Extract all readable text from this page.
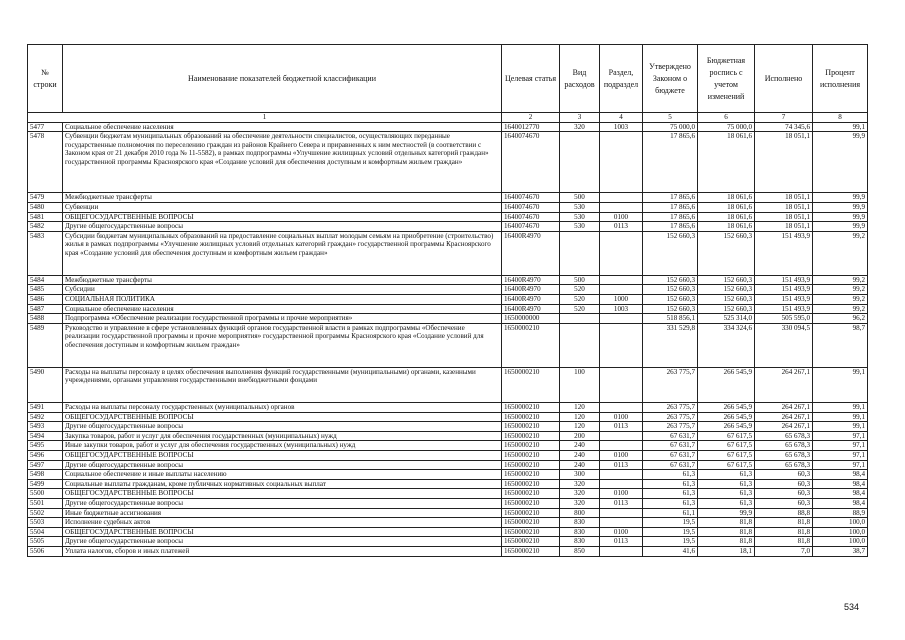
№ строки	Наименование показателей бюджетной классификации	Целевая статья	Вид расходов	Раздел, подраздел	Утверждено Законом о бюджете	Бюджетная роспись с учетом изменений	Исполнено	Процент исполнения
1		2	3	4	5	6	7	8
5477	Социальное обеспечение населения	1640012770	320	1003	75 000,0	75 000,0	74 345,6	99,1
5478	Субвенции бюджетам муниципальных образований на обеспечение деятельности специалистов, осуществляющих переданные государственные полномочия по переселению граждан из районов Крайнего Севера и приравненных к ним местностей (в соответствии с Законом края от 21 декабря 2010 года № 11-5582), в рамках подпрограммы «Улучшение жилищных условий отдельных категорий граждан» государственной программы Красноярского края «Создание условий для обеспечения доступным и комфортным жильем граждан»	1640074670			17 865,6	18 061,6	18 051,1	99,9
5479	Межбюджетные трансферты	1640074670	500		17 865,6	18 061,6	18 051,1	99,9
5480	Субвенции	1640074670	530		17 865,6	18 061,6	18 051,1	99,9
5481	ОБЩЕГОСУДАРСТВЕННЫЕ ВОПРОСЫ	1640074670	530	0100	17 865,6	18 061,6	18 051,1	99,9
5482	Другие общегосударственные вопросы	1640074670	530	0113	17 865,6	18 061,6	18 051,1	99,9
5483	Субсидии бюджетам муниципальных образований на предоставление социальных выплат молодым семьям на приобретение (строительство) жилья в рамках подпрограммы «Улучшение жилищных условий отдельных категорий граждан» государственной программы Красноярского края «Создание условий для обеспечения доступным и комфортным жильем граждан»	16400R4970			152 660,3	152 660,3	151 493,9	99,2
5484	Межбюджетные трансферты	16400R4970	500		152 660,3	152 660,3	151 493,9	99,2
5485	Субсидии	16400R4970	520		152 660,3	152 660,3	151 493,9	99,2
5486	СОЦИАЛЬНАЯ ПОЛИТИКА	16400R4970	520	1000	152 660,3	152 660,3	151 493,9	99,2
5487	Социальное обеспечение населения	16400R4970	520	1003	152 660,3	152 660,3	151 493,9	99,2
5488	Подпрограмма «Обеспечение реализации государственной программы и прочие мероприятия»	1650000000			518 856,1	525 314,0	505 595,0	96,2
5489	Руководство и управление в сфере установленных функций органов государственной власти в рамках подпрограммы «Обеспечение реализации государственной программы и прочие мероприятия» государственной программы Красноярского края «Создание условий для обеспечения доступным и комфортным жильем граждан»	1650000210			331 529,8	334 324,6	330 094,5	98,7
5490	Расходы на выплаты персоналу в целях обеспечения выполнения функций государственными (муниципальными) органами, казенными учреждениями, органами управления государственными внебюджетными фондами	1650000210	100		263 775,7	266 545,9	264 267,1	99,1
5491	Расходы на выплаты персоналу государственных (муниципальных) органов	1650000210	120		263 775,7	266 545,9	264 267,1	99,1
5492	ОБЩЕГОСУДАРСТВЕННЫЕ ВОПРОСЫ	1650000210	120	0100	263 775,7	266 545,9	264 267,1	99,1
5493	Другие общегосударственные вопросы	1650000210	120	0113	263 775,7	266 545,9	264 267,1	99,1
5494	Закупка товаров, работ и услуг для обеспечения государственных (муниципальных) нужд	1650000210	200		67 631,7	67 617,5	65 678,3	97,1
5495	Иные закупки товаров, работ и услуг для обеспечения государственных (муниципальных) нужд	1650000210	240		67 631,7	67 617,5	65 678,3	97,1
5496	ОБЩЕГОСУДАРСТВЕННЫЕ ВОПРОСЫ	1650000210	240	0100	67 631,7	67 617,5	65 678,3	97,1
5497	Другие общегосударственные вопросы	1650000210	240	0113	67 631,7	67 617,5	65 678,3	97,1
5498	Социальное обеспечение и иные выплаты населению	1650000210	300		61,3	61,3	60,3	98,4
5499	Социальные выплаты гражданам, кроме публичных нормативных социальных выплат	1650000210	320		61,3	61,3	60,3	98,4
5500	ОБЩЕГОСУДАРСТВЕННЫЕ ВОПРОСЫ	1650000210	320	0100	61,3	61,3	60,3	98,4
5501	Другие общегосударственные вопросы	1650000210	320	0113	61,3	61,3	60,3	98,4
5502	Иные бюджетные ассигнования	1650000210	800		61,1	99,9	88,8	88,9
5503	Исполнение судебных актов	1650000210	830		19,5	81,8	81,8	100,0
5504	ОБЩЕГОСУДАРСТВЕННЫЕ ВОПРОСЫ	1650000210	830	0100	19,5	81,8	81,8	100,0
5505	Другие общегосударственные вопросы	1650000210	830	0113	19,5	81,8	81,8	100,0
5506	Уплата налогов, сборов и иных платежей	1650000210	850		41,6	18,1	7,0	38,7
534
